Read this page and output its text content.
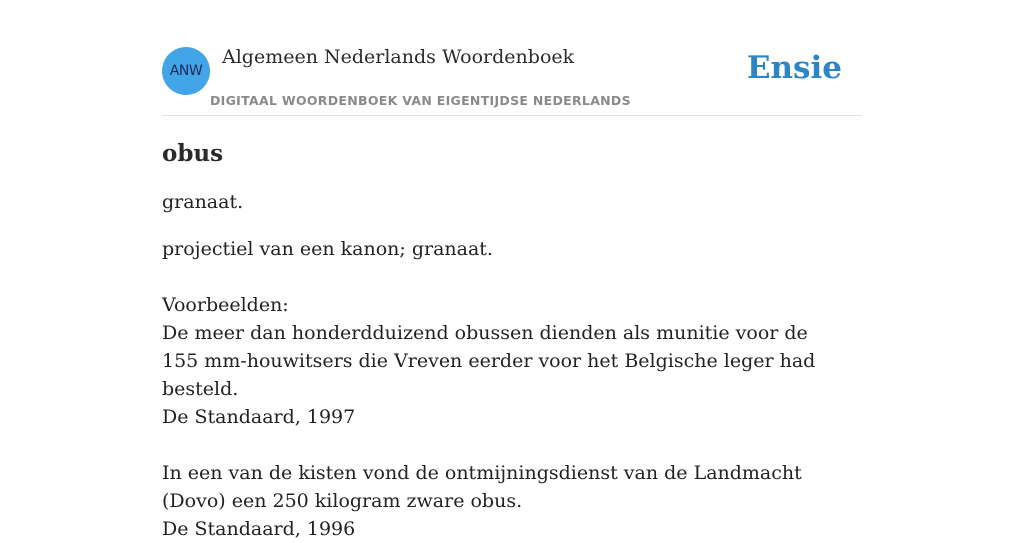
ANW
Algemeen Nederlands Woordenboek
DIGITAAL WOORDENBOEK VAN EIGENTIJDSE NEDERLANDS
Ensie
obus
granaat.
projectiel van een kanon; granaat.
Voorbeelden:
De meer dan honderdduizend obussen dienden als munitie voor de 155 mm-houwitsers die Vreven eerder voor het Belgische leger had besteld.
De Standaard, 1997
In een van de kisten vond de ontmijningsdienst van de Landmacht (Dovo) een 250 kilogram zware obus.
De Standaard, 1996
